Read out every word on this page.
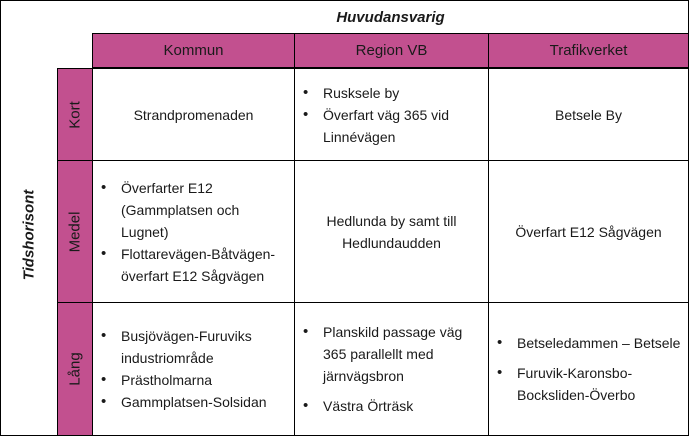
Huvudansvarig
Tidshorisont
Kommun	Region VB	Trafikverket
Kort
Medel
Lång
Strandpromenaden
• Ruskselе by
• Överfart väg 365 vid Linnévägen
Betsele By
• Överfarter E12 (Gammplatsen och Lugnet)
• Flottarevägen-Båtvägen-överfart E12 Sågvägen
Hedlunda by samt till Hedlundaudden
Överfart E12 Sågvägen
• Busjövägen-Furuviks industriområde
• Prästholmarna
• Gammplatsen-Solsidan
• Planskild passage väg 365 parallellt med järnvägsbron
• Västra Örträsk
• Betseledammen – Betsele
• Furuvik-Karonsbo-Bocksliden-Överbo
